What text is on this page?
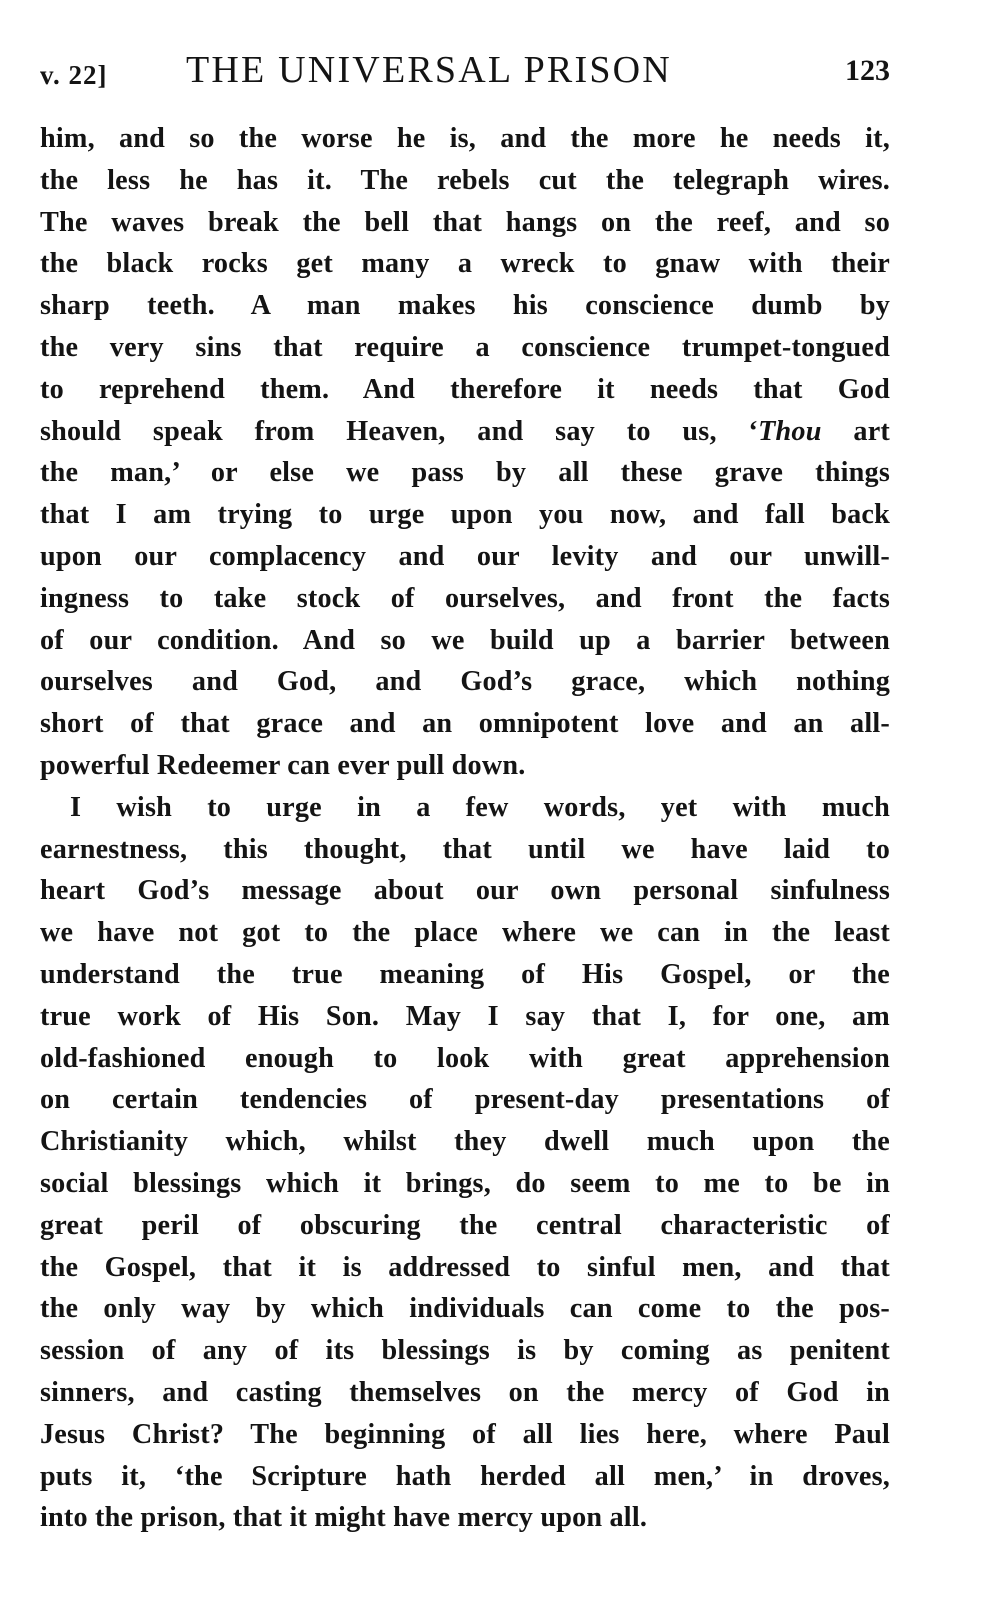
v. 22] THE UNIVERSAL PRISON	123
him, and so the worse he is, and the more he needs it,
the less he has it. The rebels cut the telegraph wires.
The waves break the bell that hangs on the reef, and so
the black rocks get many a wreck to gnaw with their
sharp teeth. A man makes his conscience dumb by
the very sins that require a conscience trumpet-tongued
to reprehend them. And therefore it needs that God
should speak from Heaven, and say to us, ‘Thou art
the man,’ or else we pass by all these grave things
that I am trying to urge upon you now, and fall back
upon our complacency and our levity and our unwill-
ingness to take stock of ourselves, and front the facts
of our condition. And so we build up a barrier between
ourselves and God, and God’s grace, which nothing
short of that grace and an omnipotent love and an all-
powerful Redeemer can ever pull down.
I wish to urge in a few words, yet with much
earnestness, this thought, that until we have laid to
heart God’s message about our own personal sinfulness
we have not got to the place where we can in the least
understand the true meaning of His Gospel, or the
true work of His Son. May I say that I, for one, am
old-fashioned enough to look with great apprehension
on certain tendencies of present-day presentations of
Christianity which, whilst they dwell much upon the
social blessings which it brings, do seem to me to be in
great peril of obscuring the central characteristic of
the Gospel, that it is addressed to sinful men, and that
the only way by which individuals can come to the pos-
session of any of its blessings is by coming as penitent
sinners, and casting themselves on the mercy of God in
Jesus Christ? The beginning of all lies here, where Paul
puts it, ‘the Scripture hath herded all men,’ in droves,
into the prison, that it might have mercy upon all.
